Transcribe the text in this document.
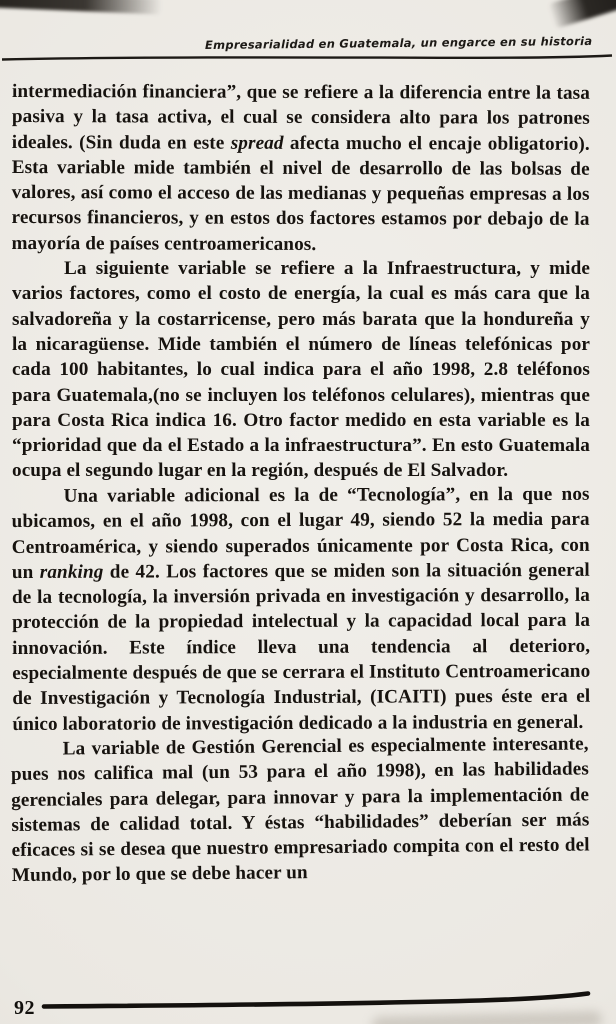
Empresarialidad en Guatemala, un engarce en su historia

intermediación financiera”, que se refiere a la diferencia entre la tasa pasiva y la tasa activa, el cual se considera alto para los patrones ideales. (Sin duda en este spread afecta mucho el encaje obligatorio). Esta variable mide también el nivel de desarrollo de las bolsas de valores, así como el acceso de las medianas y pequeñas empresas a los recursos financieros, y en estos dos factores estamos por debajo de la mayoría de países centroamericanos.

La siguiente variable se refiere a la Infraestructura, y mide varios factores, como el costo de energía, la cual es más cara que la salvadoreña y la costarricense, pero más barata que la hondureña y la nicaragüense. Mide también el número de líneas telefónicas por cada 100 habitantes, lo cual indica para el año 1998, 2.8 teléfonos para Guatemala,(no se incluyen los teléfonos celulares), mientras que para Costa Rica indica 16. Otro factor medido en esta variable es la “prioridad que da el Estado a la infraestructura”. En esto Guatemala ocupa el segundo lugar en la región, después de El Salvador.

Una variable adicional es la de “Tecnología”, en la que nos ubicamos, en el año 1998, con el lugar 49, siendo 52 la media para Centroamérica, y siendo superados únicamente por Costa Rica, con un ranking de 42. Los factores que se miden son la situación general de la tecnología, la inversión privada en investigación y desarrollo, la protección de la propiedad intelectual y la capacidad local para la innovación. Este índice lleva una tendencia al deterioro, especialmente después de que se cerrara el Instituto Centroamericano de Investigación y Tecnología Industrial, (ICAITI) pues éste era el único laboratorio de investigación dedicado a la industria en general.

La variable de Gestión Gerencial es especialmente interesante, pues nos califica mal (un 53 para el año 1998), en las habilidades gerenciales para delegar, para innovar y para la implementación de sistemas de calidad total. Y éstas “habilidades” deberían ser más eficaces si se desea que nuestro empresariado compita con el resto del Mundo, por lo que se debe hacer un

92
